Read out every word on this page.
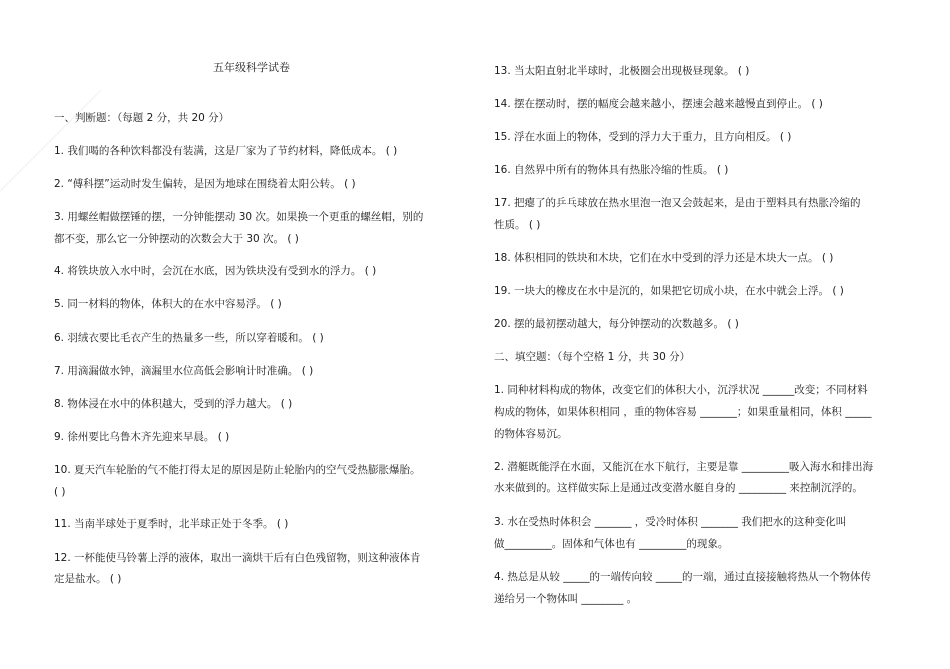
五年级科学试卷
一、判断题：（每题 2 分，共 20 分）
1. 我们喝的各种饮料都没有装满，这是厂家为了节约材料，降低成本。 ( )
2. “傅科摆”运动时发生偏转，是因为地球在围绕着太阳公转。 ( )
3. 用螺丝帽做摆锤的摆，一分钟能摆动 30 次。如果换一个更重的螺丝帽，别的
都不变，那么它一分钟摆动的次数会大于 30 次。 ( )
4. 将铁块放入水中时，会沉在水底，因为铁块没有受到水的浮力。 ( )
5. 同一材料的物体，体积大的在水中容易浮。 ( )
6. 羽绒衣要比毛衣产生的热量多一些，所以穿着暖和。 ( )
7. 用滴漏做水钟，滴漏里水位高低会影响计时准确。 ( )
8. 物体浸在水中的体积越大，受到的浮力越大。 ( )
9. 徐州要比乌鲁木齐先迎来早晨。 ( )
10. 夏天汽车轮胎的气不能打得太足的原因是防止轮胎内的空气受热膨胀爆胎。
( )
11. 当南半球处于夏季时，北半球正处于冬季。 ( )
12. 一杯能使马铃薯上浮的液体，取出一滴烘干后有白色残留物，则这种液体肯
定是盐水。 ( )
13. 当太阳直射北半球时，北极圈会出现极昼现象。 ( )
14. 摆在摆动时，摆的幅度会越来越小，摆速会越来越慢直到停止。 ( )
15. 浮在水面上的物体，受到的浮力大于重力，且方向相反。 ( )
16. 自然界中所有的物体具有热胀冷缩的性质。 ( )
17. 把瘪了的乒乓球放在热水里泡一泡又会鼓起来，是由于塑料具有热胀冷缩的
性质。 ( )
18. 体积相同的铁块和木块，它们在水中受到的浮力还是木块大一点。 ( )
19. 一块大的橡皮在水中是沉的，如果把它切成小块，在水中就会上浮。 ( )
20. 摆的最初摆动越大，每分钟摆动的次数越多。 ( )
二、填空题：（每个空格 1 分，共 30 分）
1. 同种材料构成的物体，改变它们的体积大小，沉浮状况 ______改变；不同材料
构成的物体，如果体积相同 ，重的物体容易 _______；如果重量相同，体积 _____
的物体容易沉。
2. 潜艇既能浮在水面，又能沉在水下航行，主要是靠 _________吸入海水和排出海
水来做到的。这样做实际上是通过改变潜水艇自身的 _________ 来控制沉浮的。
3. 水在受热时体积会 _______ ，受冷时体积 _______ 我们把水的这种变化叫
做_________。固体和气体也有 _________的现象。
4. 热总是从较 _____的一端传向较 _____的一端，通过直接接触将热从一个物体传
递给另一个物体叫 ________ 。
